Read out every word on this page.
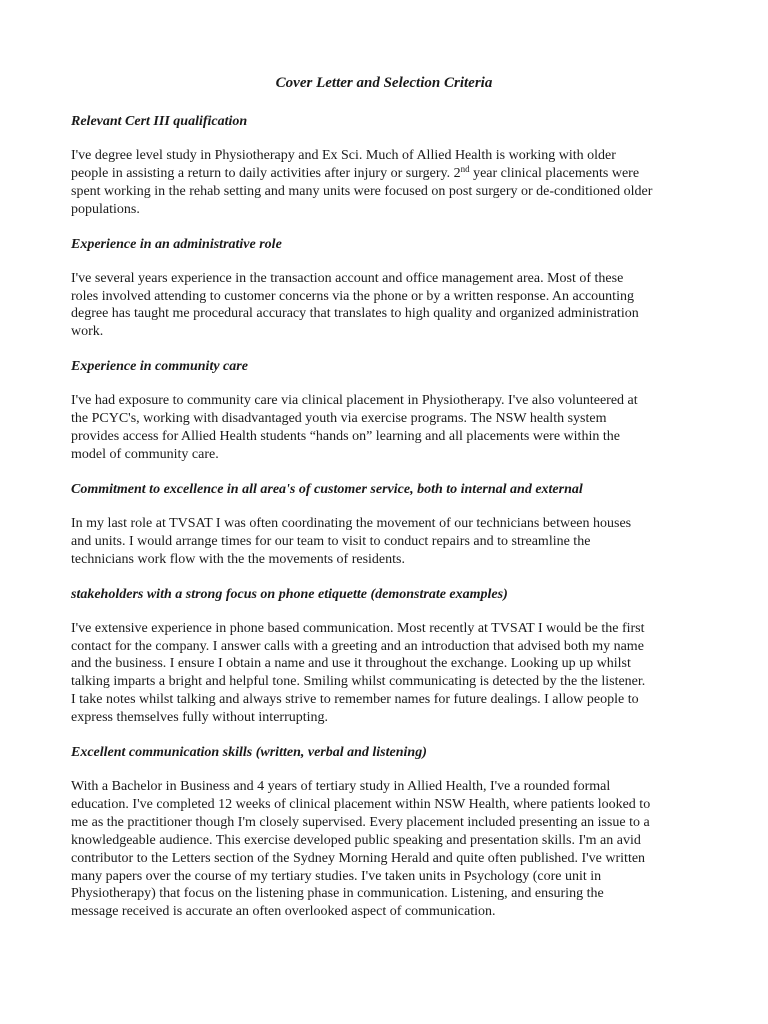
Cover Letter and Selection Criteria
Relevant Cert III qualification
I've degree level study in Physiotherapy and Ex Sci. Much of Allied Health is working with older
people in assisting a return to daily activities after injury or surgery. 2nd year clinical placements were
spent working in the rehab setting and many units were focused on post surgery or de-conditioned older
populations.
Experience in an administrative role
I've several years experience in the transaction account and office management area. Most of these
roles involved attending to customer concerns via the phone or by a written response. An accounting
degree has taught me procedural accuracy that translates to high quality and organized administration
work.
Experience in community care
I've had exposure to community care via clinical placement in Physiotherapy. I've also volunteered at
the PCYC's, working with disadvantaged youth via exercise programs. The NSW health system
provides access for Allied Health students “hands on” learning and all placements were within the
model of community care.
Commitment to excellence in all area's of customer service, both to internal and external
In my last role at TVSAT I was often coordinating the movement of our technicians between houses
and units. I would arrange times for our team to visit to conduct repairs and to streamline the
technicians work flow with the the movements of residents.
stakeholders with a strong focus on phone etiquette (demonstrate examples)
I've extensive experience in phone based communication. Most recently at TVSAT I would be the first
contact for the company. I answer calls with a greeting and an introduction that advised both my name
and the business. I ensure I obtain a name and use it throughout the exchange. Looking up up whilst
talking imparts a bright and helpful tone. Smiling whilst communicating is detected by the the listener.
I take notes whilst talking and always strive to remember names for future dealings. I allow people to
express themselves fully without interrupting.
Excellent communication skills (written, verbal and listening)
With a Bachelor in Business and 4 years of tertiary study in Allied Health, I've a rounded formal
education. I've completed 12 weeks of clinical placement within NSW Health, where patients looked to
me as the practitioner though I'm closely supervised. Every placement included presenting an issue to a
knowledgeable audience. This exercise developed public speaking and presentation skills. I'm an avid
contributor to the Letters section of the Sydney Morning Herald and quite often published. I've written
many papers over the course of my tertiary studies. I've taken units in Psychology (core unit in
Physiotherapy) that focus on the listening phase in communication. Listening, and ensuring the
message received is accurate an often overlooked aspect of communication.
